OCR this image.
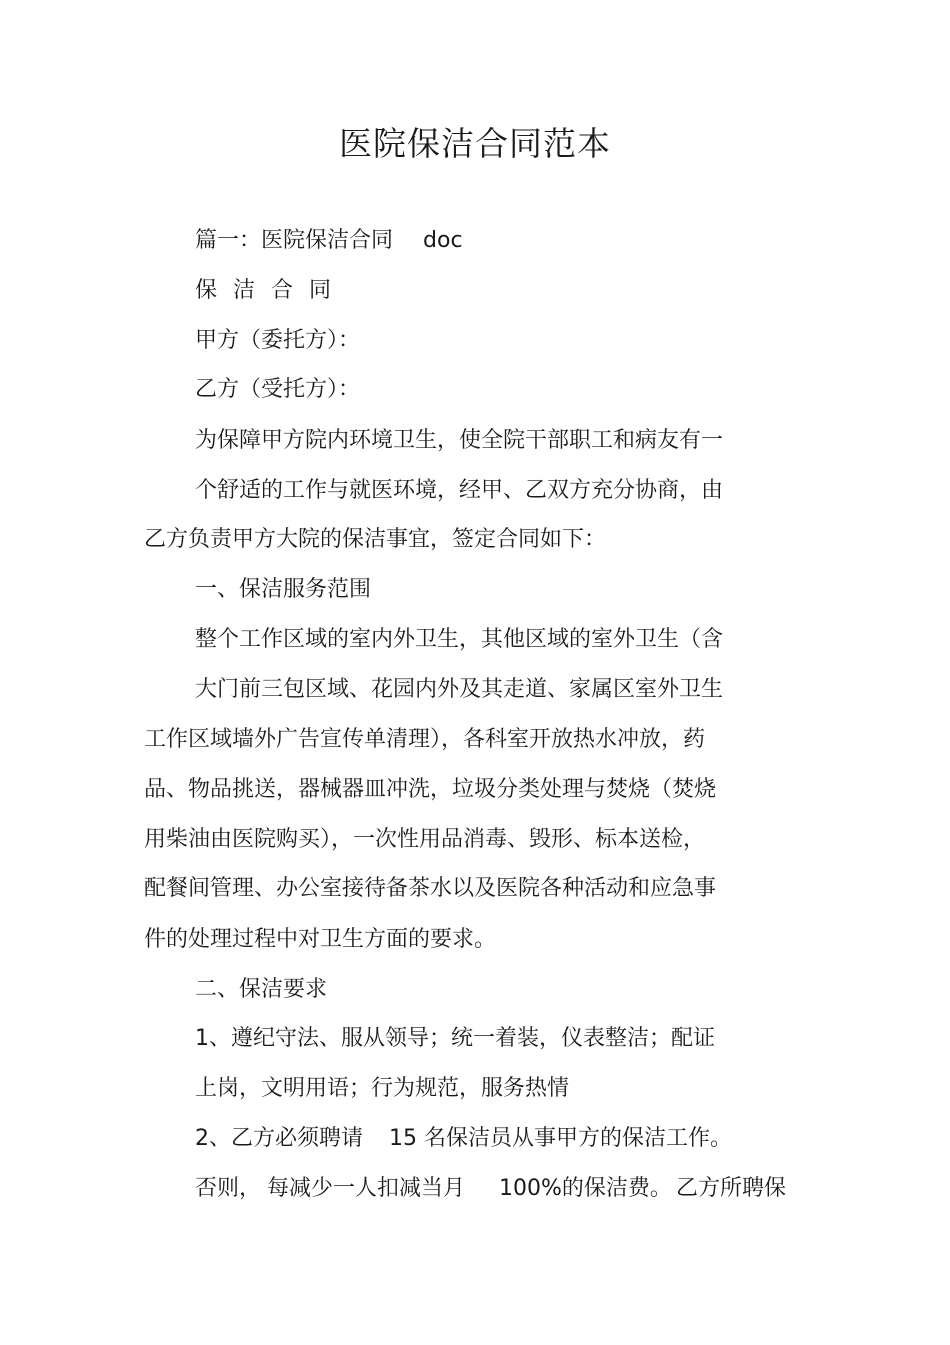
医院保洁合同范本
篇一：医院保洁合同 doc
保洁合同
甲方（委托方）：
乙方（受托方）：
为保障甲方院内环境卫生，使全院干部职工和病友有一
个舒适的工作与就医环境，经甲、乙双方充分协商，由
乙方负责甲方大院的保洁事宜，签定合同如下：
一、保洁服务范围
整个工作区域的室内外卫生，其他区域的室外卫生（含
大门前三包区域、花园内外及其走道、家属区室外卫生
工作区域墙外广告宣传单清理），各科室开放热水冲放，药
品、物品挑送，器械器皿冲洗，垃圾分类处理与焚烧（焚烧
用柴油由医院购买），一次性用品消毒、毁形、标本送检，
配餐间管理、办公室接待备茶水以及医院各种活动和应急事
件的处理过程中对卫生方面的要求。
二、保洁要求
1、遵纪守法、服从领导；统一着装，仪表整洁；配证
上岗，文明用语；行为规范，服务热情
2、乙方必须聘请 15 名保洁员从事甲方的保洁工作。
否则， 每减少一人扣减当月 100%的保洁费。 乙方所聘保
